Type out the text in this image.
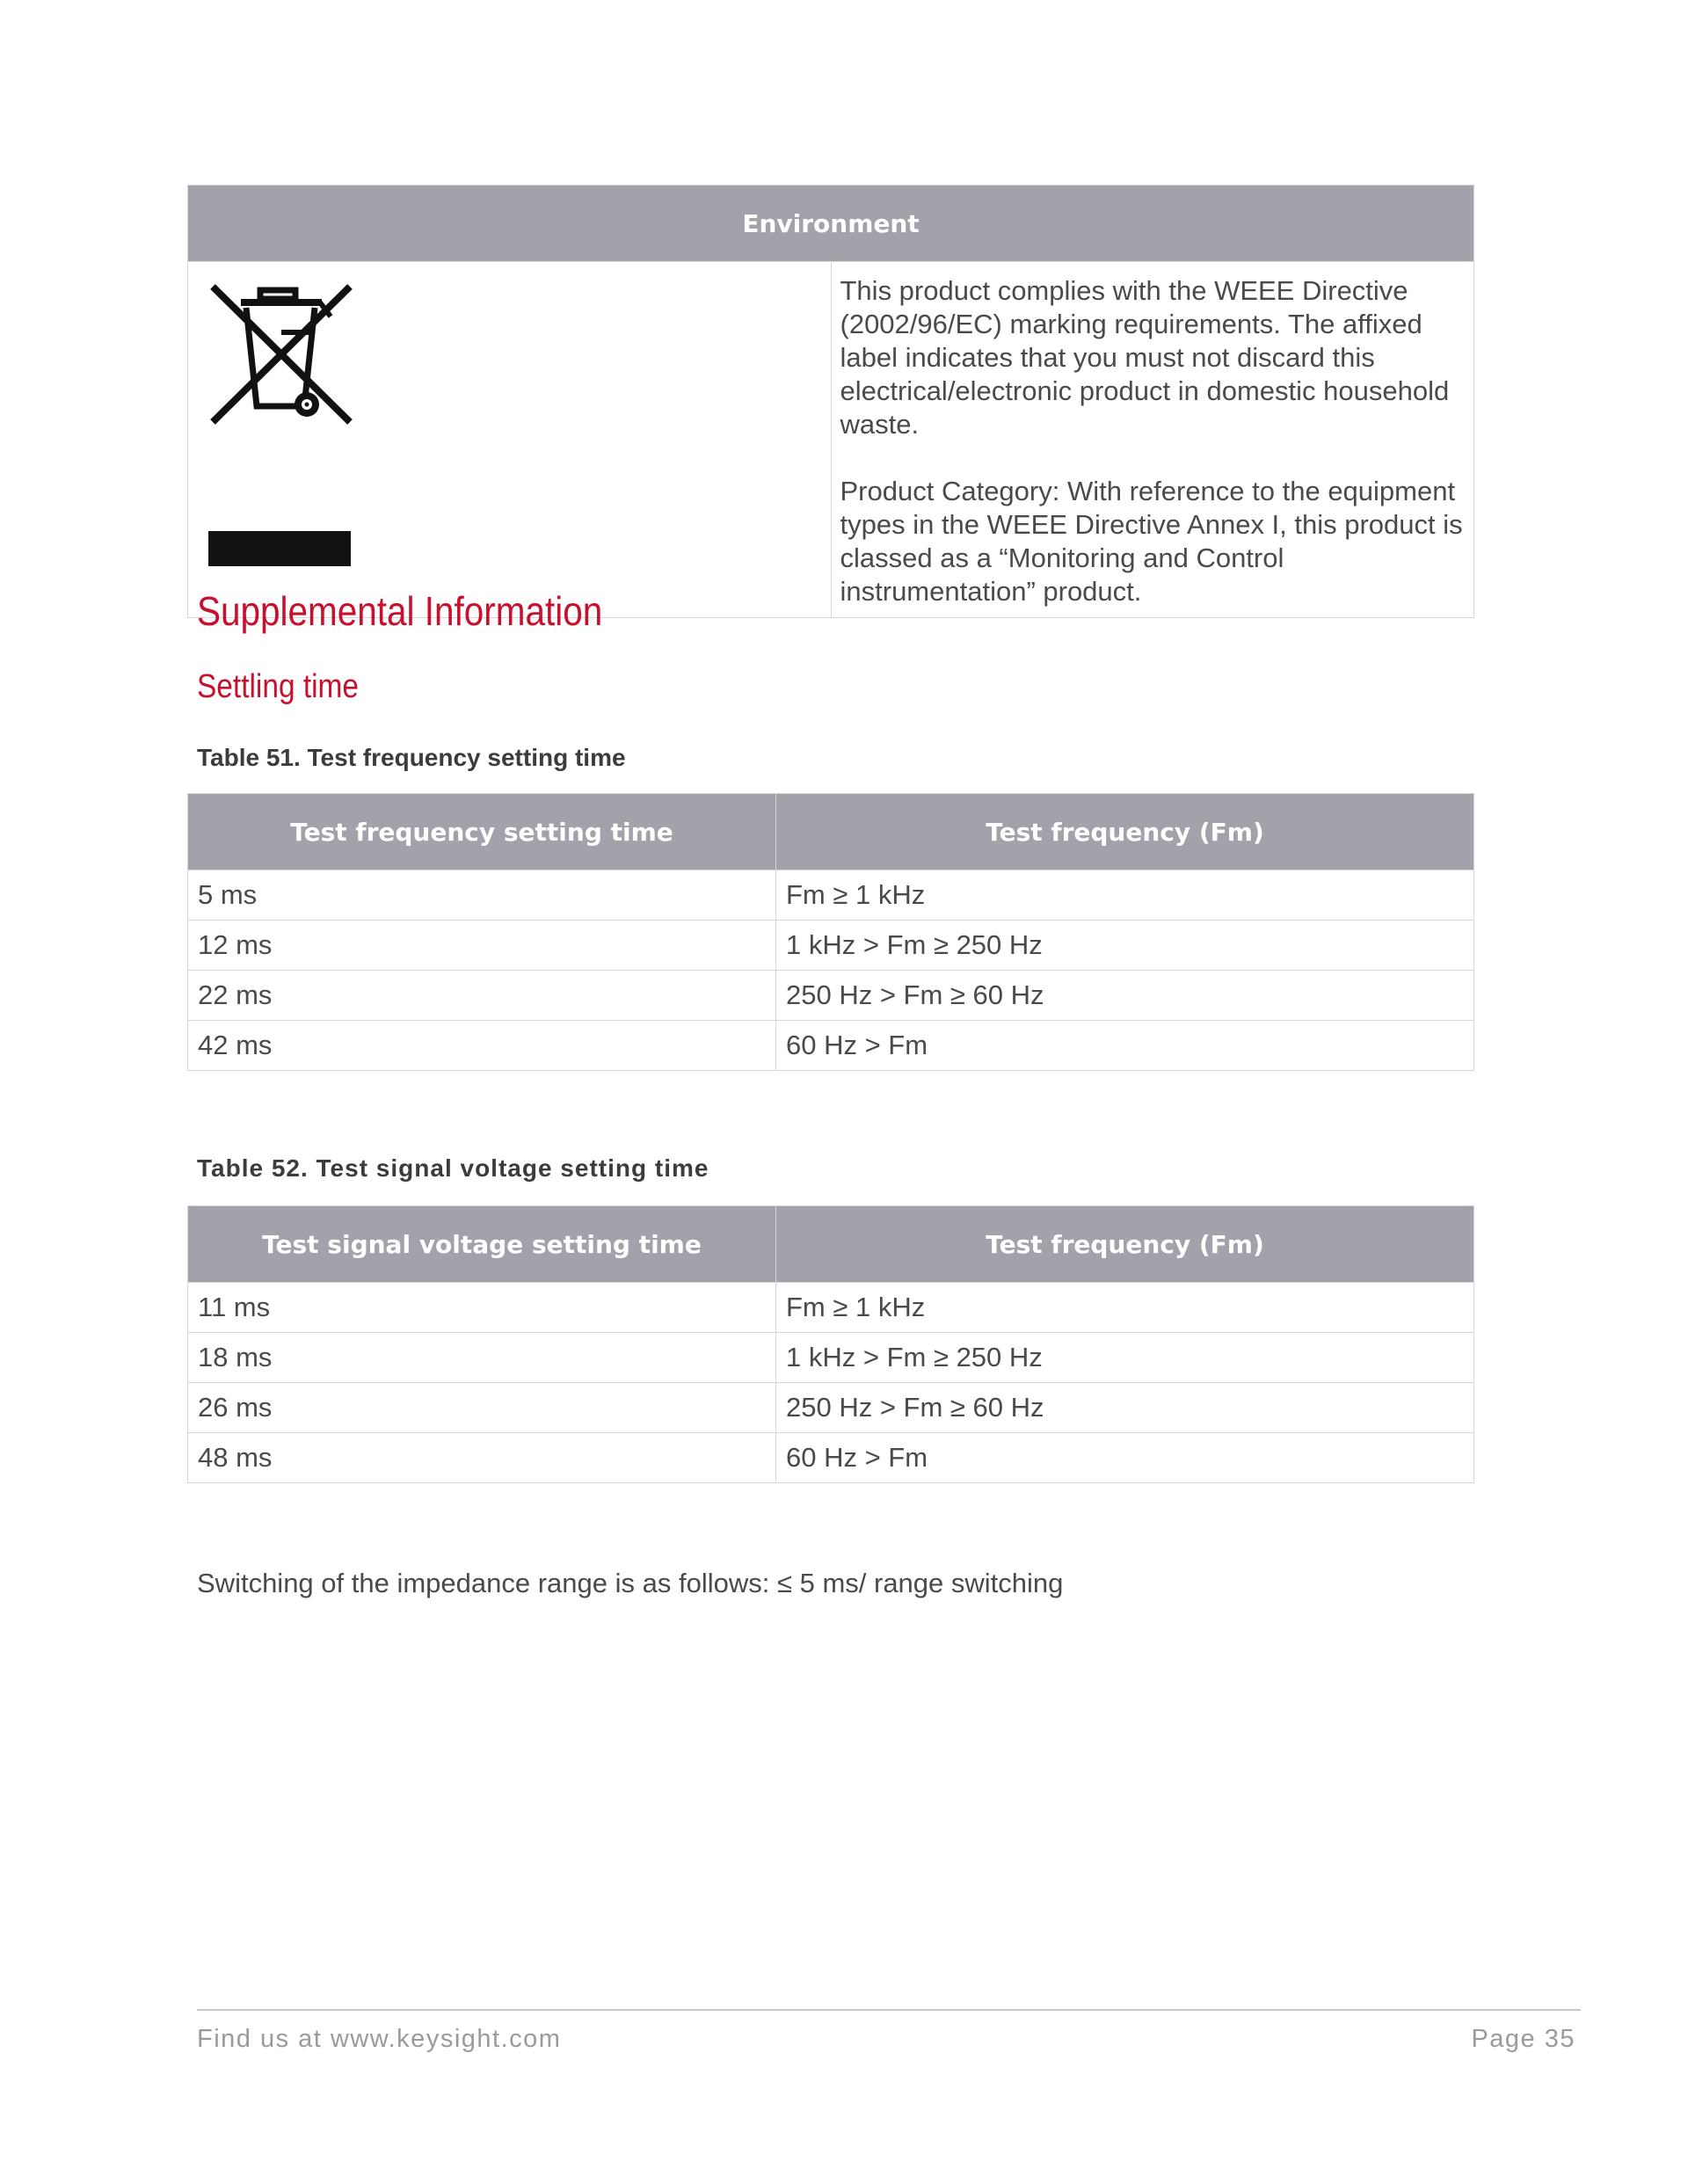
Environment

This product complies with the WEEE Directive (2002/96/EC) marking requirements. The affixed label indicates that you must not discard this electrical/electronic product in domestic household waste.

Product Category: With reference to the equipment types in the WEEE Directive Annex I, this product is classed as a “Monitoring and Control instrumentation” product.

Supplemental Information
Settling time

Table 51. Test frequency setting time

Test frequency setting time	Test frequency (Fm)
5 ms	Fm ≥ 1 kHz
12 ms	1 kHz > Fm ≥ 250 Hz
22 ms	250 Hz > Fm ≥ 60 Hz
42 ms	60 Hz > Fm

Table 52. Test signal voltage setting time

Test signal voltage setting time	Test frequency (Fm)
11 ms	Fm ≥ 1 kHz
18 ms	1 kHz > Fm ≥ 250 Hz
26 ms	250 Hz > Fm ≥ 60 Hz
48 ms	60 Hz > Fm

Switching of the impedance range is as follows: ≤ 5 ms/ range switching

Find us at www.keysight.com	Page 35
